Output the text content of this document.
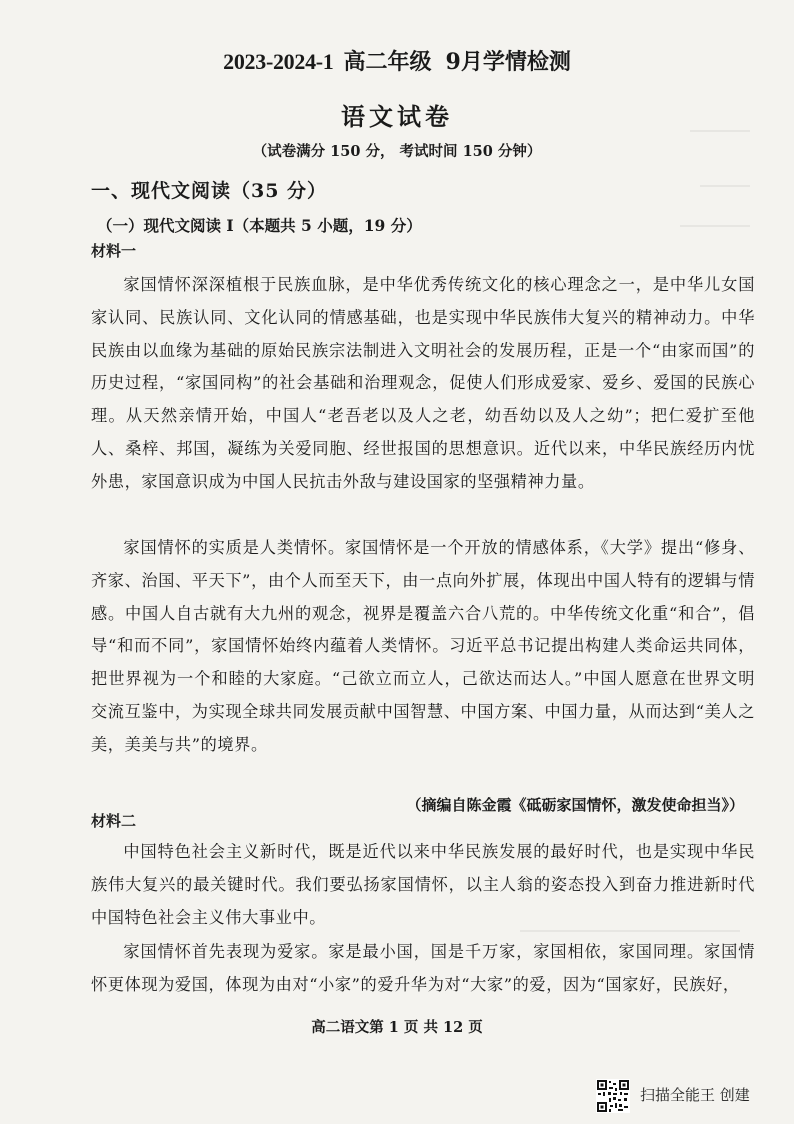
2023-2024-1 高二年级 9月学情检测
语文试卷
（试卷满分 150 分， 考试时间 150 分钟）
一、现代文阅读（35 分）
（一）现代文阅读 I（本题共 5 小题，19 分）
材料一
家国情怀深深植根于民族血脉，是中华优秀传统文化的核心理念之一，是中华儿女国家认同、民族认同、文化认同的情感基础，也是实现中华民族伟大复兴的精神动力。中华民族由以血缘为基础的原始民族宗法制进入文明社会的发展历程，正是一个“由家而国”的历史过程，“家国同构”的社会基础和治理观念，促使人们形成爱家、爱乡、爱国的民族心理。从天然亲情开始，中国人“老吾老以及人之老，幼吾幼以及人之幼”；把仁爱扩至他人、桑梓、邦国，凝练为关爱同胞、经世报国的思想意识。近代以来，中华民族经历内忧外患，家国意识成为中国人民抗击外敌与建设国家的坚强精神力量。
家国情怀的实质是人类情怀。家国情怀是一个开放的情感体系，《大学》提出“修身、齐家、治国、平天下”，由个人而至天下，由一点向外扩展，体现出中国人特有的逻辑与情感。中国人自古就有大九州的观念，视界是覆盖六合八荒的。中华传统文化重“和合”，倡导“和而不同”，家国情怀始终内蕴着人类情怀。习近平总书记提出构建人类命运共同体，把世界视为一个和睦的大家庭。“己欲立而立人，己欲达而达人。”中国人愿意在世界文明交流互鉴中，为实现全球共同发展贡献中国智慧、中国方案、中国力量，从而达到“美人之美，美美与共”的境界。
（摘编自陈金霞《砥砺家国情怀，激发使命担当》）
材料二
中国特色社会主义新时代，既是近代以来中华民族发展的最好时代，也是实现中华民族伟大复兴的最关键时代。我们要弘扬家国情怀，以主人翁的姿态投入到奋力推进新时代中国特色社会主义伟大事业中。
家国情怀首先表现为爱家。家是最小国，国是千万家，家国相依，家国同理。家国情怀更体现为爱国，体现为由对“小家”的爱升华为对“大家”的爱，因为“国家好，民族好，
高二语文第 1 页 共 12 页
扫描全能王 创建
